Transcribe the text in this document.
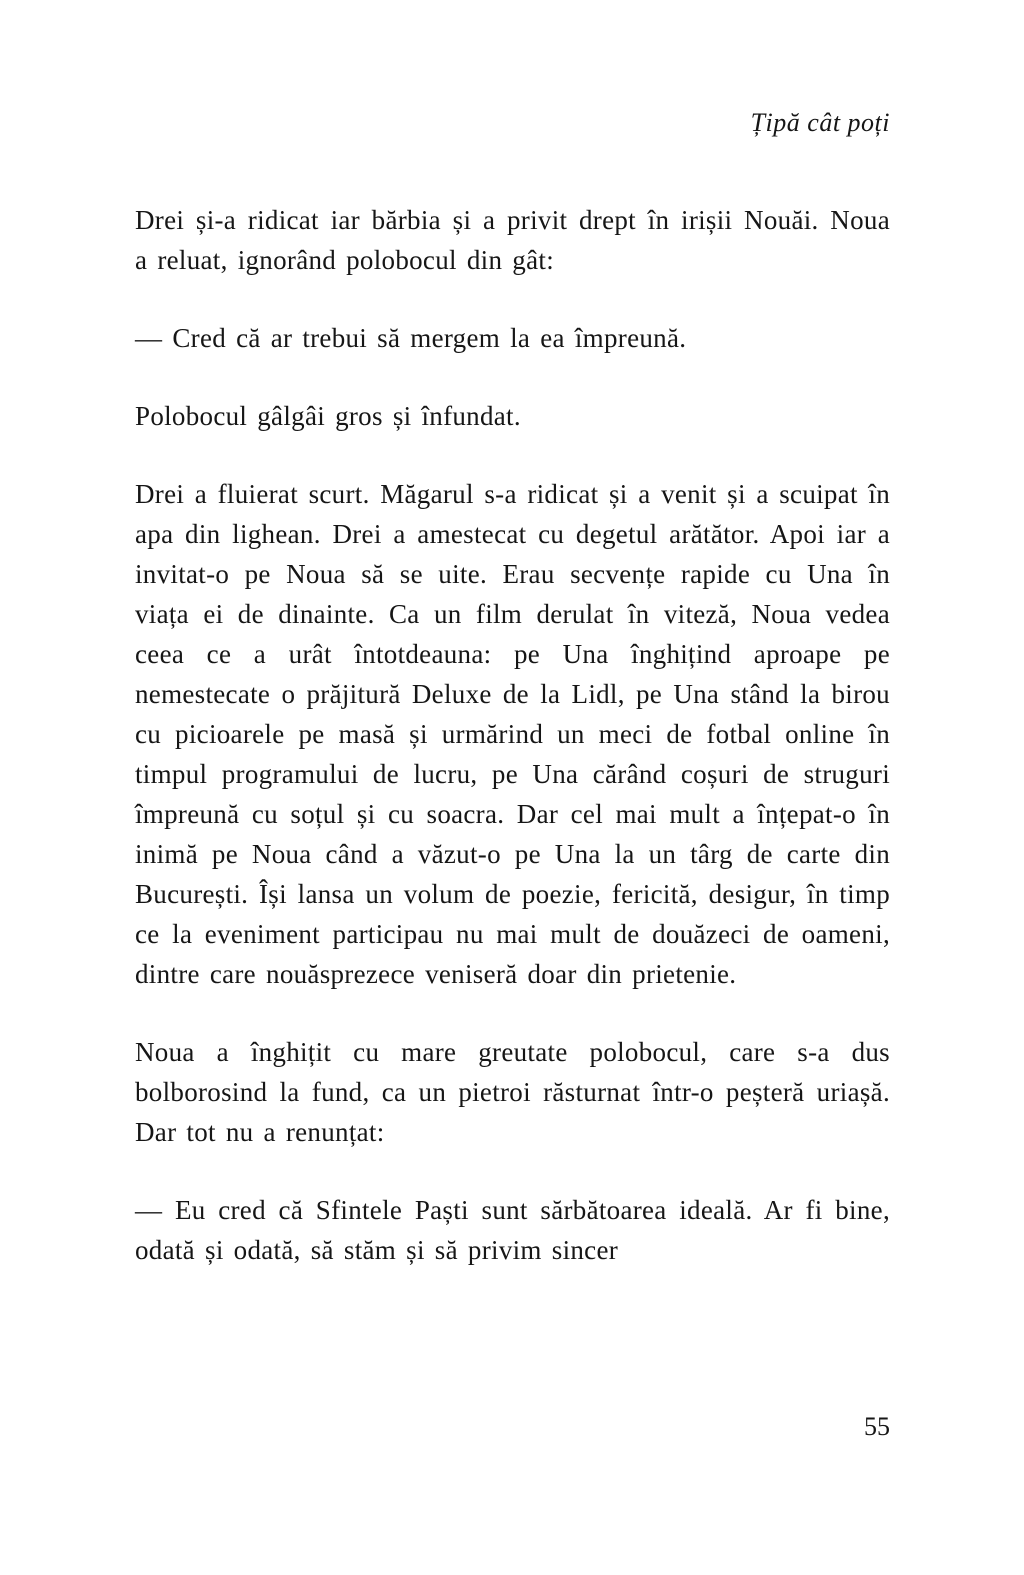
Țipă cât poți

Drei și-a ridicat iar bărbia și a privit drept în irișii Nouăi. Noua a reluat, ignorând polobocul din gât:

— Cred că ar trebui să mergem la ea împreună.

Polobocul gâlgâi gros și înfundat.

Drei a fluierat scurt. Măgarul s-a ridicat și a venit și a scuipat în apa din lighean. Drei a amestecat cu degetul arătător. Apoi iar a invitat-o pe Noua să se uite. Erau secvențe rapide cu Una în viața ei de dinainte. Ca un film derulat în viteză, Noua vedea ceea ce a urât întotdeauna: pe Una înghițind aproape pe nemestecate o prăjitură Deluxe de la Lidl, pe Una stând la birou cu picioarele pe masă și urmărind un meci de fotbal online în timpul programului de lucru, pe Una cărând coșuri de struguri împreună cu soțul și cu soacra. Dar cel mai mult a înțepat-o în inimă pe Noua când a văzut-o pe Una la un târg de carte din București. Își lansa un volum de poezie, fericită, desigur, în timp ce la eveniment participau nu mai mult de douăzeci de oameni, dintre care nouăsprezece veniseră doar din prietenie.

Noua a înghițit cu mare greutate polobocul, care s-a dus bolborosind la fund, ca un pietroi răsturnat într-o peșteră uriașă. Dar tot nu a renunțat:

— Eu cred că Sfintele Paști sunt sărbătoarea ideală. Ar fi bine, odată și odată, să stăm și să privim sincer

55
